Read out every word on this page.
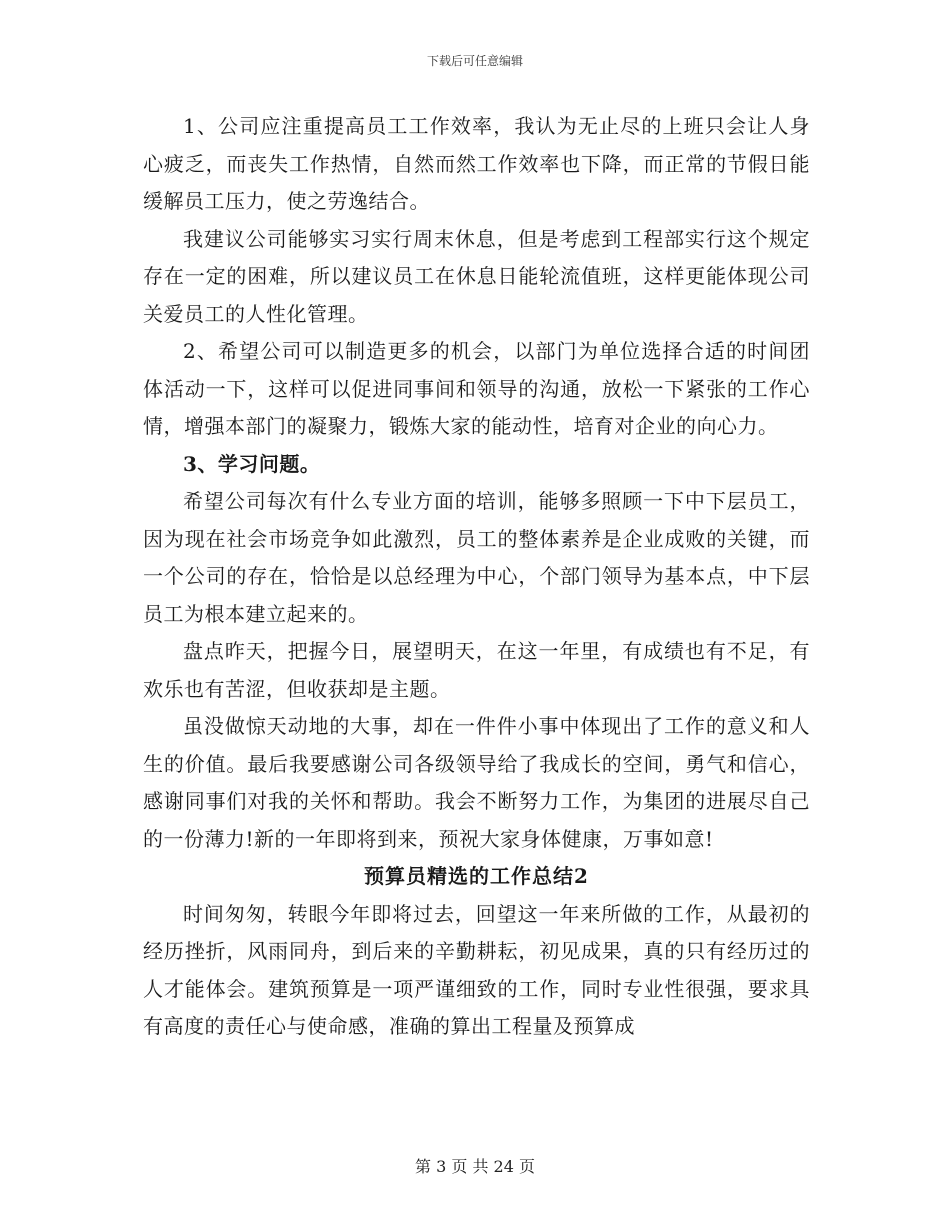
下载后可任意编辑

1、公司应注重提高员工工作效率，我认为无止尽的上班只会让人身心疲乏，而丧失工作热情，自然而然工作效率也下降，而正常的节假日能缓解员工压力，使之劳逸结合。

我建议公司能够实习实行周末休息，但是考虑到工程部实行这个规定存在一定的困难，所以建议员工在休息日能轮流值班，这样更能体现公司关爱员工的人性化管理。

2、希望公司可以制造更多的机会，以部门为单位选择合适的时间团体活动一下，这样可以促进同事间和领导的沟通，放松一下紧张的工作心情，增强本部门的凝聚力，锻炼大家的能动性，培育对企业的向心力。

3、学习问题。

希望公司每次有什么专业方面的培训，能够多照顾一下中下层员工，因为现在社会市场竞争如此激烈，员工的整体素养是企业成败的关键，而一个公司的存在，恰恰是以总经理为中心，个部门领导为基本点，中下层员工为根本建立起来的。

盘点昨天，把握今日，展望明天，在这一年里，有成绩也有不足，有欢乐也有苦涩，但收获却是主题。

虽没做惊天动地的大事，却在一件件小事中体现出了工作的意义和人生的价值。最后我要感谢公司各级领导给了我成长的空间，勇气和信心，感谢同事们对我的关怀和帮助。我会不断努力工作，为集团的进展尽自己的一份薄力!新的一年即将到来，预祝大家身体健康，万事如意!

预算员精选的工作总结2

时间匆匆，转眼今年即将过去，回望这一年来所做的工作，从最初的经历挫折，风雨同舟，到后来的辛勤耕耘，初见成果，真的只有经历过的人才能体会。建筑预算是一项严谨细致的工作，同时专业性很强，要求具有高度的责任心与使命感，准确的算出工程量及预算成

第 3 页 共 24 页
